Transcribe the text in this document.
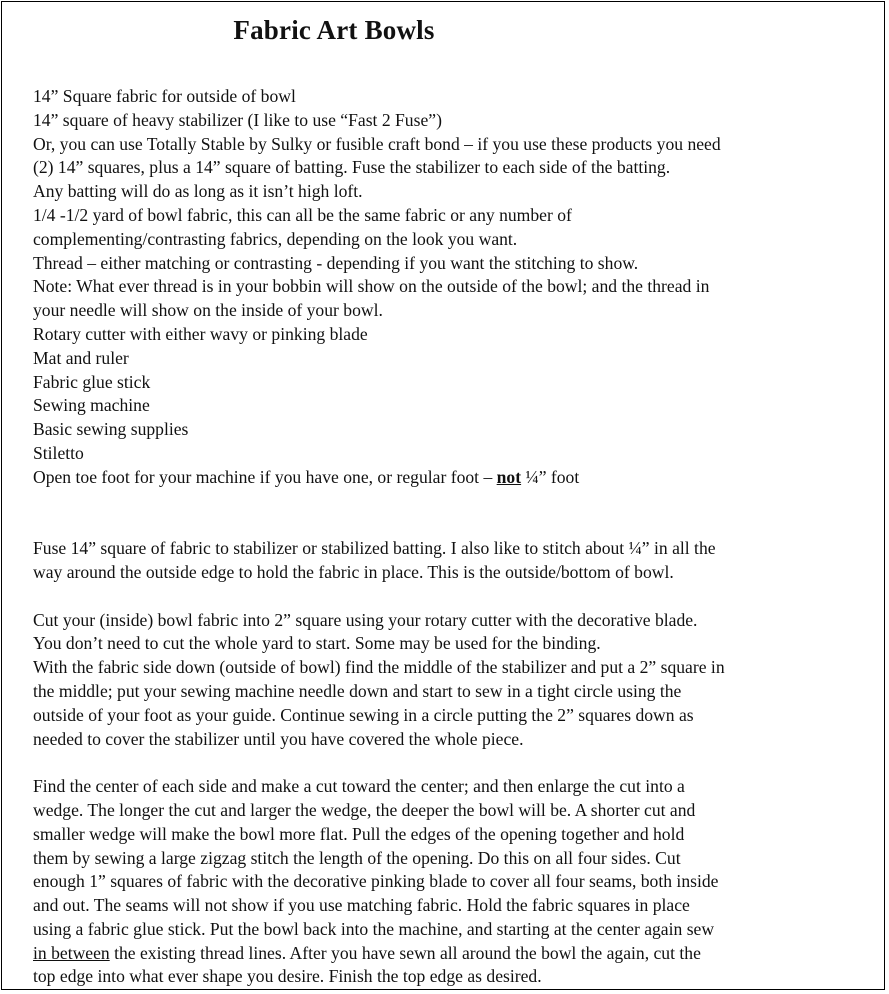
Fabric Art Bowls
14” Square fabric for outside of bowl
14” square of heavy stabilizer (I like to use “Fast 2 Fuse”)
Or, you can use Totally Stable by Sulky or fusible craft bond – if you use these products you need
(2) 14” squares, plus a 14” square of batting. Fuse the stabilizer to each side of the batting.
Any batting will do as long as it isn’t high loft.
1/4 -1/2 yard of bowl fabric, this can all be the same fabric or any number of
complementing/contrasting fabrics, depending on the look you want.
Thread – either matching or contrasting - depending if you want the stitching to show.
Note: What ever thread is in your bobbin will show on the outside of the bowl; and the thread in
your needle will show on the inside of your bowl.
Rotary cutter with either wavy or pinking blade
Mat and ruler
Fabric glue stick
Sewing machine
Basic sewing supplies
Stiletto
Open toe foot for your machine if you have one, or regular foot – not ¼” foot
Fuse 14” square of fabric to stabilizer or stabilized batting. I also like to stitch about ¼” in all the
way around the outside edge to hold the fabric in place. This is the outside/bottom of bowl.
Cut your (inside) bowl fabric into 2” square using your rotary cutter with the decorative blade.
You don’t need to cut the whole yard to start. Some may be used for the binding.
With the fabric side down (outside of bowl) find the middle of the stabilizer and put a 2” square in
the middle; put your sewing machine needle down and start to sew in a tight circle using the
outside of your foot as your guide. Continue sewing in a circle putting the 2” squares down as
needed to cover the stabilizer until you have covered the whole piece.
Find the center of each side and make a cut toward the center; and then enlarge the cut into a
wedge. The longer the cut and larger the wedge, the deeper the bowl will be. A shorter cut and
smaller wedge will make the bowl more flat. Pull the edges of the opening together and hold
them by sewing a large zigzag stitch the length of the opening. Do this on all four sides. Cut
enough 1” squares of fabric with the decorative pinking blade to cover all four seams, both inside
and out. The seams will not show if you use matching fabric. Hold the fabric squares in place
using a fabric glue stick. Put the bowl back into the machine, and starting at the center again sew
in between the existing thread lines. After you have sewn all around the bowl the again, cut the
top edge into what ever shape you desire. Finish the top edge as desired.
